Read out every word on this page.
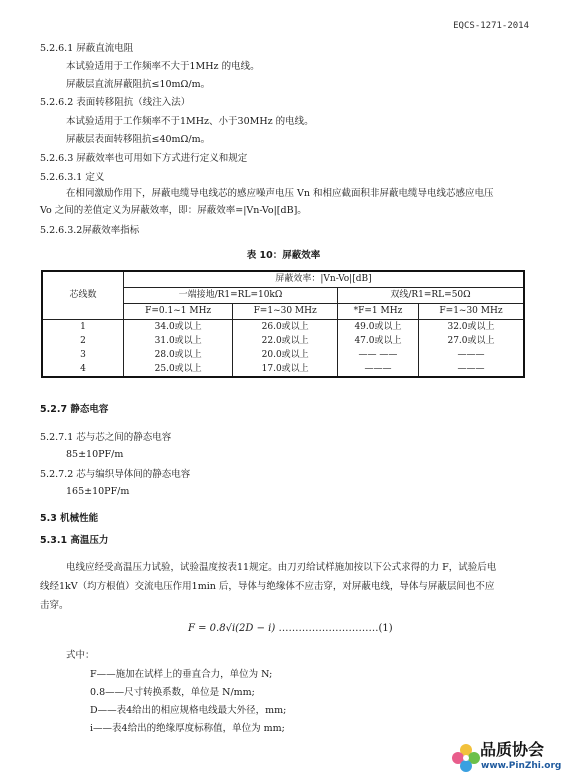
EQCS-1271-2014
5.2.6.1 屏蔽直流电阻
本试验适用于工作频率不大于1MHz 的电线。
屏蔽层直流屏蔽阻抗≤10mΩ/m。
5.2.6.2 表面转移阻抗（线注入法）
本试验适用于工作频率不于1MHz、小于30MHz 的电线。
屏蔽层表面转移阻抗≤40mΩ/m。
5.2.6.3 屏蔽效率也可用如下方式进行定义和规定
5.2.6.3.1 定义
在相同激励作用下，屏蔽电缆导电线芯的感应噪声电压 Vn 和相应截面积非屏蔽电缆导电线芯感应电压
Vo 之间的差值定义为屏蔽效率，即：屏蔽效率=|Vn-Vo|[dB]。
5.2.6.3.2屏蔽效率指标
表 10：屏蔽效率
芯线数	屏蔽效率：|Vn-Vo|[dB]			
	一端接地/R1=RL=10kΩ		双线/R1=RL=50Ω	
	F=0.1~1 MHz	F=1~30 MHz	*F=1 MHz	F=1~30 MHz
1	34.0或以上	26.0或以上	49.0或以上	32.0或以上
2	31.0或以上	22.0或以上	47.0或以上	27.0或以上
3	28.0或以上	20.0或以上	—— ——	———
4	25.0或以上	17.0或以上	———	———
5.2.7 静态电容
5.2.7.1 芯与芯之间的静态电容
85±10PF/m
5.2.7.2 芯与编织导体间的静态电容
165±10PF/m
5.3 机械性能
5.3.1 高温压力
电线应经受高温压力试验，试验温度按表11规定。由刀刃给试样施加按以下公式求得的力 F，试验后电
线经1kV（均方根值）交流电压作用1min 后，导体与绝缘体不应击穿，对屏蔽电线，导体与屏蔽层间也不应
击穿。
F = 0.8√i(2D − i) …………………………(1)
式中：
F——施加在试样上的垂直合力，单位为 N;
0.8——尺寸转换系数，单位是 N/mm;
D——表4给出的相应规格电线最大外径，mm;
i——表4给出的绝缘厚度标称值，单位为 mm;
品质协会
www.PinZhi.org
